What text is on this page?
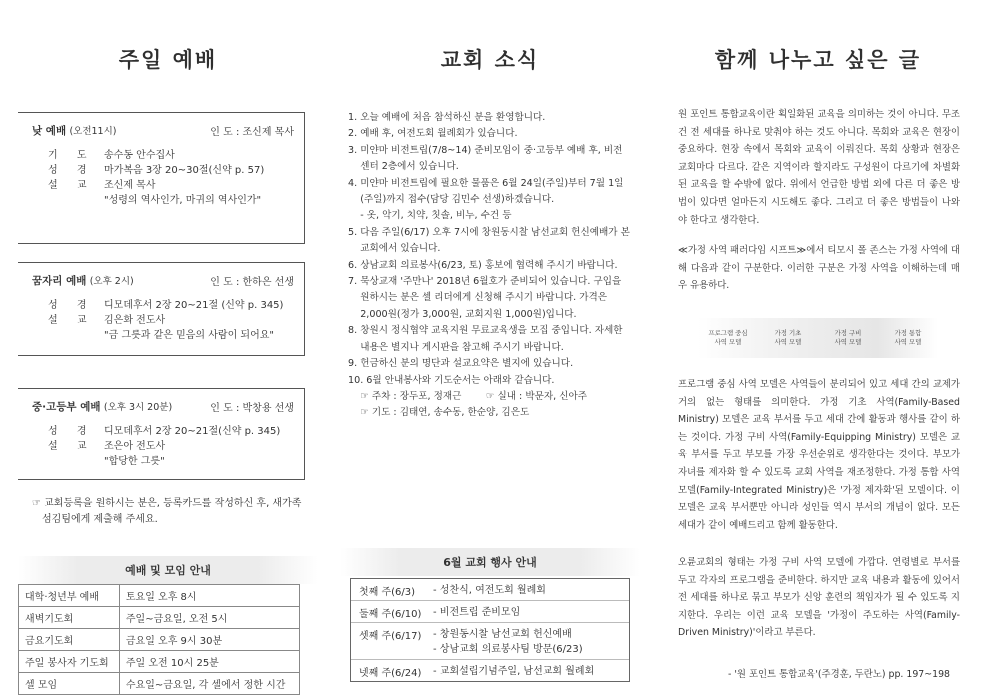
주일 예배
낮 예배 (오전11시)	인 도 : 조신제 목사
기 도 송수동 안수집사
성 경 마가복음 3장 20~30절(신약 p. 57)
설 교 조신제 목사
"성령의 역사인가, 마귀의 역사인가"
꿈자리 예배 (오후 2시)	인 도 : 한하은 선생
성 경 디모데후서 2장 20~21절 (신약 p. 345)
설 교 김은화 전도사
"금 그릇과 같은 믿음의 사람이 되어요"
중·고등부 예배 (오후 3시 20분)	인 도 : 박창용 선생
성 경 디모데후서 2장 20~21절(신약 p. 345)
설 교 조은아 전도사
"합당한 그릇"
☞ 교회등록을 원하시는 분은, 등록카드를 작성하신 후, 새가족
섬김팀에게 제출해 주세요.
예배 및 모임 안내
대학·청년부 예배	토요일 오후 8시
새벽기도회	주일~금요일, 오전 5시
금요기도회	금요일 오후 9시 30분
주일 봉사자 기도회	주일 오전 10시 25분
셀 모임	수요일~금요일, 각 셀에서 정한 시간
교회 소식
1. 오늘 예배에 처음 참석하신 분을 환영합니다.
2. 예배 후, 여전도회 월례회가 있습니다.
3. 미얀마 비전트립(7/8~14) 준비모임이 중·고등부 예배 후, 비전
센터 2층에서 있습니다.
4. 미얀마 비전트립에 필요한 물품은 6월 24일(주일)부터 7월 1일
(주일)까지 접수(담당 김민수 선생)하겠습니다.
- 옷, 악기, 치약, 칫솔, 비누, 수건 등
5. 다음 주일(6/17) 오후 7시에 창원동시찰 남선교회 헌신예배가 본
교회에서 있습니다.
6. 상남교회 의료봉사(6/23, 토) 홍보에 협력해 주시기 바랍니다.
7. 묵상교재 '주만나' 2018년 6월호가 준비되어 있습니다. 구입을
원하시는 분은 셀 리더에게 신청해 주시기 바랍니다. 가격은
2,000원(정가 3,000원, 교회지원 1,000원)입니다.
8. 창원시 정식협약 교육지원 무료교육생을 모집 중입니다. 자세한
내용은 별지나 게시판을 참고해 주시기 바랍니다.
9. 헌금하신 분의 명단과 설교요약은 별지에 있습니다.
10. 6월 안내봉사와 기도순서는 아래와 같습니다.
☞ 주차 : 장두포, 정재근        ☞ 실내 : 박문자, 신아주
☞ 기도 : 김태연, 송수동, 한순양, 김은도
6월 교회 행사 안내
첫째 주(6/3)	- 성찬식, 여전도회 월례회
둘째 주(6/10)	- 비전트립 준비모임
셋째 주(6/17)	- 창원동시찰 남선교회 헌신예배
- 상남교회 의료봉사팀 방문(6/23)
넷째 주(6/24)	- 교회설립기념주일, 남선교회 월례회
함께 나누고 싶은 글

원 포인트 통합교육이란 획일화된 교육을 의미하는 것이 아니다. 무조건 전 세대를 하나로 맞춰야 하는 것도 아니다. 목회와 교육은 현장이 중요하다. 현장 속에서 목회와 교육이 이뤄진다. 목회 상황과 현장은 교회마다 다르다. 같은 지역이라 할지라도 구성원이 다르기에 차별화된 교육을 할 수밖에 없다. 위에서 언급한 방법 외에 다른 더 좋은 방법이 있다면 얼마든지 시도해도 좋다. 그리고 더 좋은 방법들이 나와야 한다고 생각한다.

≪가정 사역 패러다임 시프트≫에서 티모시 폴 존스는 가정 사역에 대해 다음과 같이 구분한다. 이러한 구분은 가정 사역을 이해하는데 매우 유용하다.

프로그램 중심
사역 모델
가정 기초
사역 모델
가정 구비
사역 모델
가정 통합
사역 모델

프로그램 중심 사역 모델은 사역들이 분리되어 있고 세대 간의 교제가 거의 없는 형태를 의미한다. 가정 기초 사역(Family-Based Ministry) 모델은 교육 부서를 두고 세대 간에 활동과 행사를 같이 하는 것이다. 가정 구비 사역(Family-Equipping Ministry) 모델은 교육 부서를 두고 부모를 가장 우선순위로 생각한다는 것이다. 부모가 자녀를 제자화 할 수 있도록 교회 사역을 재조정한다. 가정 통합 사역 모델(Family-Integrated Ministry)은 '가정 제자화'된 모델이다. 이 모델은 교육 부서뿐만 아니라 성인들 역시 부서의 개념이 없다. 모든 세대가 같이 예배드리고 함께 활동한다.

오륜교회의 형태는 가정 구비 사역 모델에 가깝다. 연령별로 부서를 두고 각자의 프로그램을 준비한다. 하지만 교육 내용과 활동에 있어서 전 세대를 하나로 묶고 부모가 신앙 훈련의 책임자가 될 수 있도록 지지한다. 우리는 이런 교육 모델을 '가정이 주도하는 사역(Family-Driven Ministry)'이라고 부른다.

- '원 포인트 통합교육'(주경훈, 두란노) pp. 197~198
